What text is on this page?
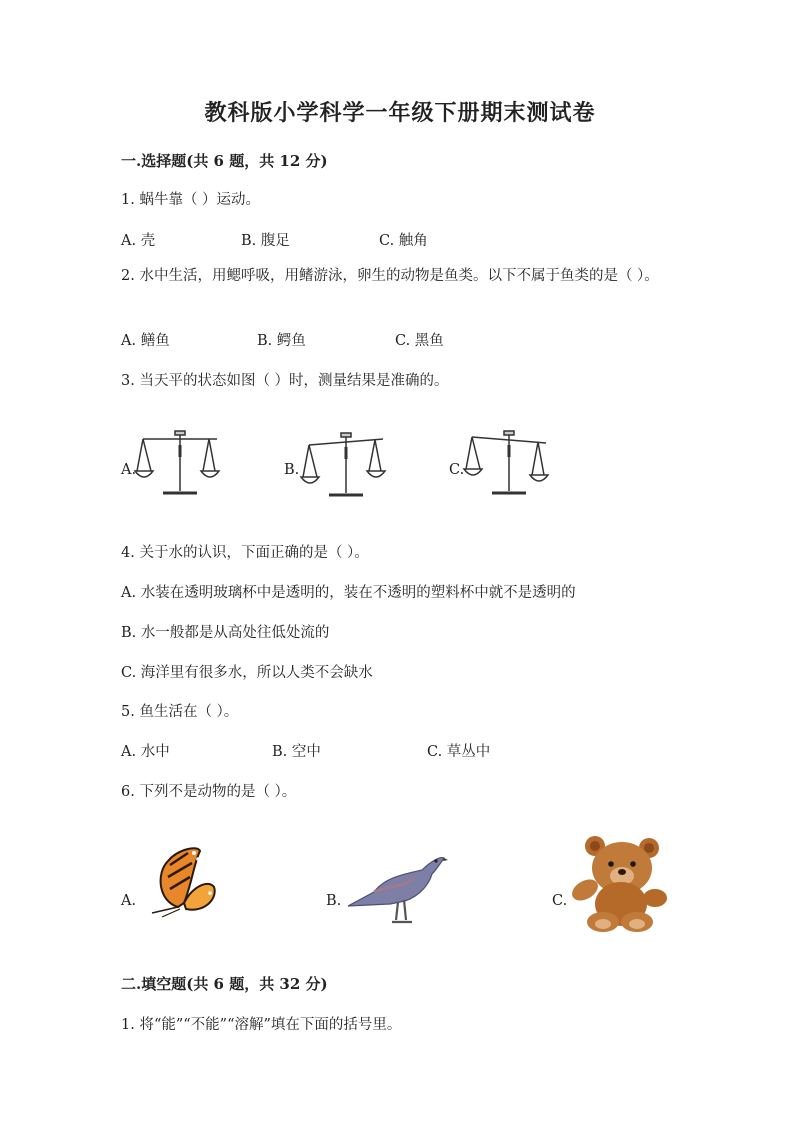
教科版小学科学一年级下册期末测试卷
一.选择题(共 6 题，共 12 分)
1. 蜗牛靠（ ）运动。
A. 壳	B. 腹足	C. 触角
2. 水中生活，用鳃呼吸，用鳍游泳，卵生的动物是鱼类。以下不属于鱼类的是（ ）。
A. 鳝鱼	B. 鳄鱼	C. 黑鱼
3. 当天平的状态如图（ ）时，测量结果是准确的。
A.	B.	C.
4. 关于水的认识，下面正确的是（ ）。
A. 水装在透明玻璃杯中是透明的，装在不透明的塑料杯中就不是透明的
B. 水一般都是从高处往低处流的
C. 海洋里有很多水，所以人类不会缺水
5. 鱼生活在（ ）。
A. 水中	B. 空中	C. 草丛中
6. 下列不是动物的是（ ）。
A.	B.	C.
二.填空题(共 6 题，共 32 分)
1. 将“能”“不能”“溶解”填在下面的括号里。
